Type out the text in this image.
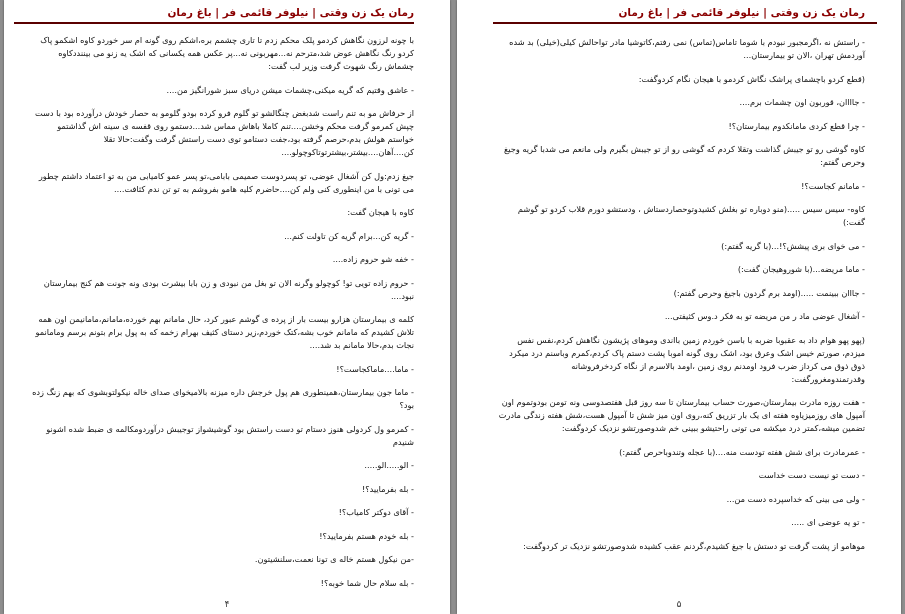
رمان یک زن وقتی | نیلوفر قائمی فر | باغ رمان

با چونه لرزون نگاهش کردمو پلک محکم زدم تا تاری چشمم بره،اشکم روی گونه ام سر خوردو کاوه اشکمو پاک کردو رنگ نگاهش عوض شد،مترحم نه...مهربونی نه...پر عکس همه یکسانی که اشک یه زنو می بیننددکاوه چشماش رنگ شهوت گرفت وزیر لب گفت:

- عاشق وقتیم که گریه میکنی،چشمات میشن دریای سبز شورانگیز من....

از حرفاش مو به تنم راست شدبغض چنگالشو تو گلوم فرو کرده بودو گلومو به حصار خودش درآورده بود با دست چپش کمرمو گرفت محکم وخشن....تنم کاملا باهاش مماس شد...دستمو روی قفسه ی سینه اش گذاشتمو خواستم هولش بدم،حرصم گرفته بود،جفت دستامو توی دست راستش گرفت وگفت:حالا تقلا کن....آهان....بیشتر،بیشترتوتاکوچولو....

جیغ زدم:ول کن آشغال عوضی، تو پسردوست صمیمی بابامی،تو پسر عمو کامیابی من به تو اعتماد داشتم چطور می تونی با من اینطوری کنی ولم کن....حاضرم کلیه هامو بفروشم به تو تن ندم کثافت....

کاوه با هیجان گفت:

- گریه کن...برام گریه کن تاولت کنم...

- خفه شو حروم زاده....

- حروم زاده تویی تو! کوچولو وگرنه الان تو بغل من نبودی و زن بابا بیشرت بودی ونه جونت هم کنج بیمارستان نبود....

کلمه ی بیمارستان هزارو بیست بار از پرده ی گوشم عبور کرد، حال مامانم بهم خورده،مامانم،مامانیمن اون همه تلاش کشیدم که مامانم خوب بشه،کتک خوردم،زیر دستای کثیف بهرام زخمه که به پول برام بتونم برسم ومامانمو نجات بدم،حالا مامانم بد شد....

- ماما....ماماکجاست؟!

- ماما جون بیمارستان،همینطوری هم پول خرجش داره میزنه بالامیخوای صدای خاله نیکولتوبشوی که بهم زنگ زده بود؟

- کمرمو ول کردولی هنوز دستام تو دست راستش بود گوشیشواز توجیبش درآوردومکالمه ی ضبط شده اشونو شنیدم

- الو.....الو.....

- بله بفرمایید؟!

- آقای دوکتر کامیاب؟!

- بله خودم هستم بفرمایید؟!

-من نیکول هستم خاله ی تونا نعمت،سلنشیتون.

- بله سلام حال شما خوبه؟!

۴
رمان یک زن وقتی | نیلوفر قائمی فر | باغ رمان

- راستش نه ،اگرمجبور نبودم با شوما تاماس(تماس) نمی رفتم،کاتوشیا مادر تواحالش کیلی(خیلی) بد شده آوردمش تهران ،الان تو بیمارستان...

(قطع کردو باچشمای پراشک نگاش کردمو با هیجان نگام کردوگفت:

- جاااان، قوربون اون چشمات برم....

- چرا قطع کردی مامانکدوم بیمارستان؟!

کاوه گوشی رو تو جیبش گذاشت وتقلا کردم که گوشی رو از تو جیبش بگیرم ولی مانعم می شدبا گریه وجیغ وحرص گفتم:

- مامانم کجاست؟!

کاوه- سیس سیس .....(منو دوباره تو بغلش کشیدوتوحصاردستاش ، ودستشو دورم قلاب کردو تو گوشم گفت:)

- می خوای بری پیشش؟!...(با گریه گفتم:)

- ماما مریضه...(با شوروهیجان گفت:)

- جااان ببینمت .....(اومد برم گردون باجیغ وحرص گفتم:)

- آشغال عوضی ماد ر من مریضه تو به فکر د.وس کثیفتی...

(پهو پهو هوام داد به عقبوبا ضربه با باسن خوردم زمین بااندی وموهای پژیشون نگاهش کردم،نفس نفس میزدم، صورتم خیس اشک وعرق بود، اشک روی گونه اموبا پشت دستم پاک کردم،کمرم وباسنم درد میکرد ذوق ذوق می کرداز ضرب فرود اومدنم روی زمین ،اومد بالاسرم از نگاه کردخرفروشانه وقدرتمندومغرورگفت:

- هفت روزه مادرت بیمارستان،صورت حساب بیمارستان تا سه روز قبل هفتصدوسی ونه تومن بودوتموم اون آمپول های روزمیزیاوه هفته ای یک بار تزریق کنه،روی اون میز شش تا آمپول هست،شش هفته زندگی مادرت تضمین میشه،کمتر درد میکشه می تونی راحتیشو ببینی خم شدوصورتشو نزدیک کردوگفت:

- عمرمادرت برای شش هفته تودست منه....(با عجله وتندوباحرص گفتم:)

- دست تو نیست دست خداست

- ولی می بینی که خداسپرده دست من...

- تو یه عوضی ای .....

موهامو از پشت گرفت تو دستش با جیغ کشیدم،گردنم عقب کشیده شدوصورتشو نزدیک تر کردوگفت:

۵
